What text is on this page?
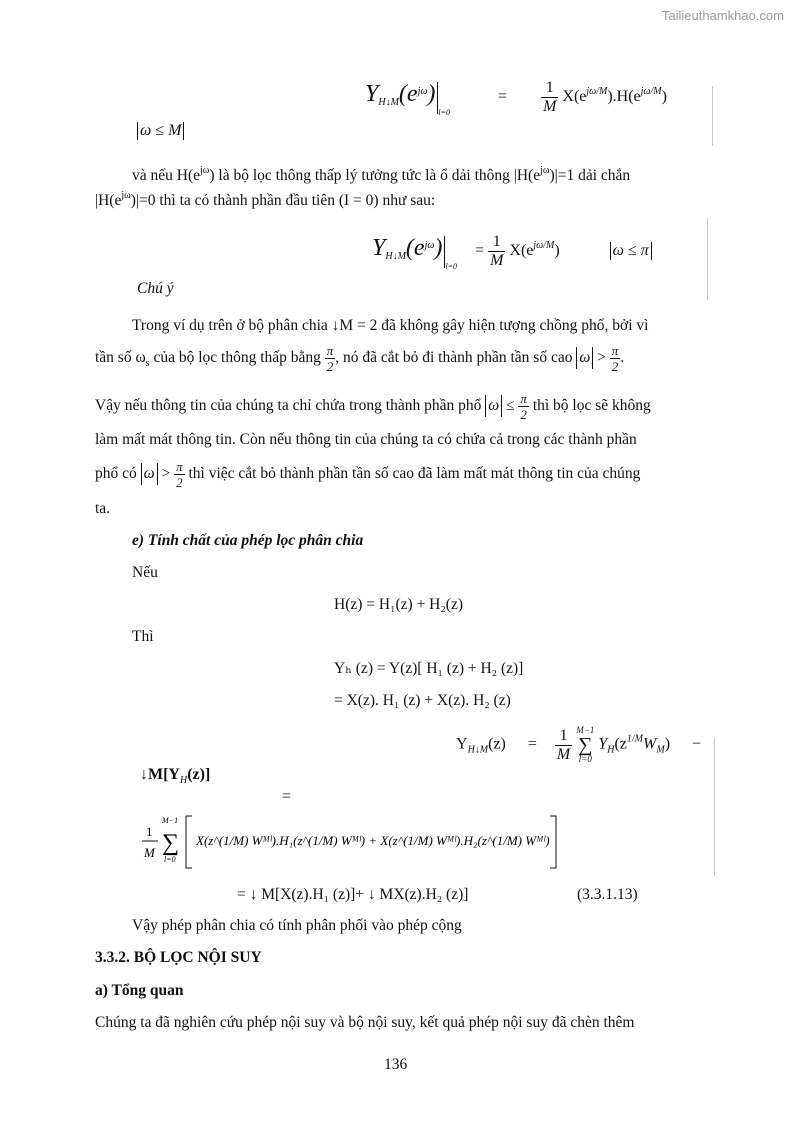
Tailieuthamkhao.com
$Y_{H↓M}(e^{j\omega})_{l=0} = \frac{1}{M} X(e^{j\omega/M}).H(e^{j\omega/M})$
ω ≤ M
và nếu $H(e^{j\omega})$ là bộ lọc thông thấp lý tưởng tức là ổ dải thông $|H(e^{j\omega})|=1$ dải chắn
$|H(e^{j\omega})|=0$ thì ta có thành phần đầu tiên (I = 0) như sau:
$Y_{H↓M}(e^{j\omega})_{l=0} = \frac{1}{M} X(e^{j\omega/M})$	ω ≤ π
Chú ý
Trong ví dụ trên ở bộ phân chia ↓M = 2 đã không gây hiện tượng chồng phổ, bởi vì
tần số $\omega_s$ của bộ lọc thông thấp bằng $\frac{\pi}{2}$ , nó đã cắt bỏ đi thành phần tần số cao $\omega > \frac{\pi}{2}$ .
Vậy nếu thông tin của chúng ta chỉ chứa trong thành phần phổ $\omega \le \frac{\pi}{2}$ thì bộ lọc sẽ không
làm mất mát thông tin. Còn nếu thông tin của chúng ta có chứa cả trong các thành phần
phổ có $\omega > \frac{\pi}{2}$ thì việc cắt bỏ thành phần tần số cao đã làm mất mát thông tin của chúng
ta.
e) Tính chất của phép lọc phân chia
Nếu
H(z) = H₁(z) + H₂(z)
Thì
Yₕ (z) = Y(z)[ H₁ (z) + H₂ (z)]
= X(z). H₁ (z) + X(z). H₂ (z)
$Y_{H↓M}(z) = \frac{1}{M}$
M−1
∑
l=0
$Y_H(z^{1/M}W_M)$ −
$↓M[Y_H(z)]$
=
1
M
M−1
∑
l=0
X(z^(1/M) Wᴹˡ).H₁(z^(1/M) Wᴹˡ) + X(z^(1/M) Wᴹˡ).H₂(z^(1/M) Wᴹˡ)
= ↓ M[X(z).H₁ (z)]+ ↓ MX(z).H₂ (z)]	(3.3.1.13)
Vậy phép phân chia có tính phân phối vào phép cộng
3.3.2. BỘ LỌC NỘI SUY
a) Tổng quan
Chúng ta đã nghiên cứu phép nội suy và bộ nội suy, kết quả phép nội suy đã chèn thêm
136
